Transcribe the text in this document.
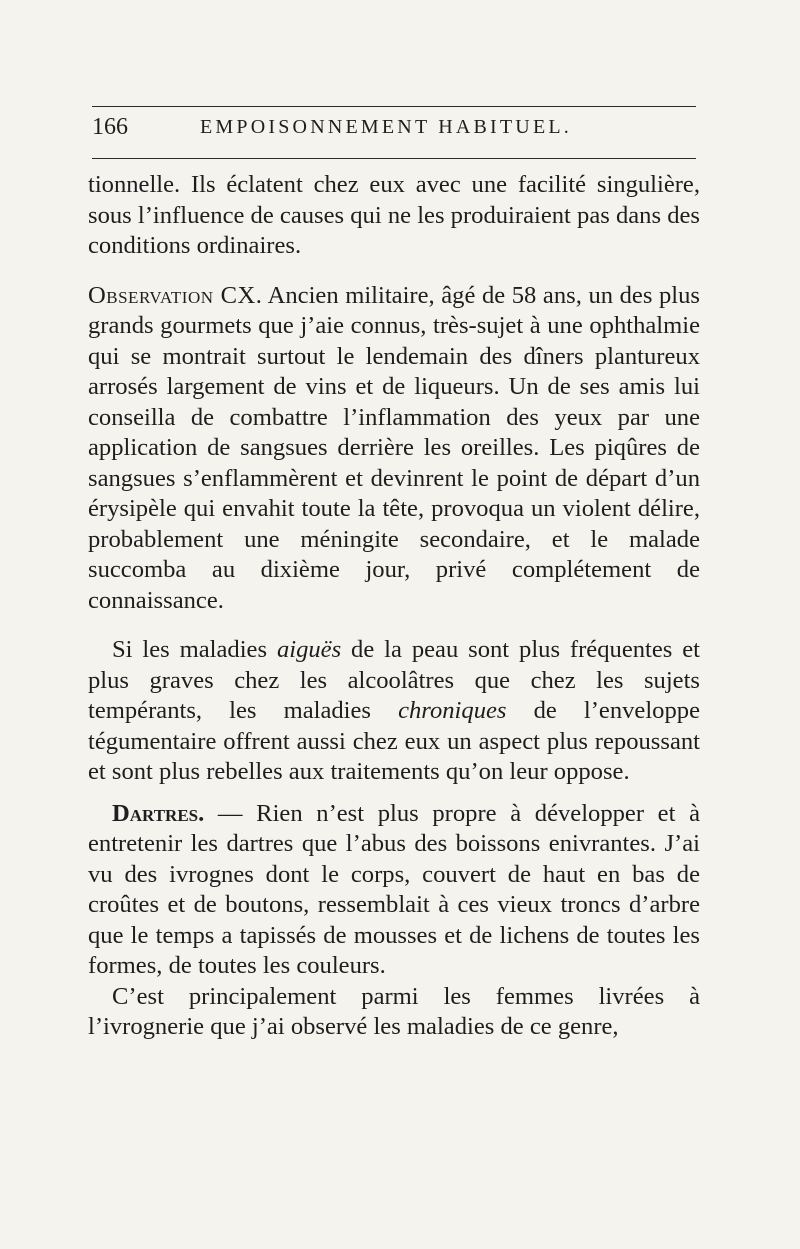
166	EMPOISONNEMENT HABITUEL.

tionnelle. Ils éclatent chez eux avec une facilité singulière, sous l’influence de causes qui ne les produiraient pas dans des conditions ordinaires.

Observation CX. Ancien militaire, âgé de 58 ans, un des plus grands gourmets que j’aie connus, très-sujet à une ophthalmie qui se montrait surtout le lendemain des dîners plantureux arrosés largement de vins et de liqueurs. Un de ses amis lui conseilla de combattre l’inflammation des yeux par une application de sangsues derrière les oreilles. Les piqûres de sangsues s’enflammèrent et devinrent le point de départ d’un érysipèle qui envahit toute la tête, provoqua un violent délire, probablement une méningite secondaire, et le malade succomba au dixième jour, privé complétement de connaissance.

Si les maladies aiguës de la peau sont plus fréquentes et plus graves chez les alcoolâtres que chez les sujets tempérants, les maladies chroniques de l’enveloppe tégumentaire offrent aussi chez eux un aspect plus repoussant et sont plus rebelles aux traitements qu’on leur oppose.

Dartres. — Rien n’est plus propre à développer et à entretenir les dartres que l’abus des boissons enivrantes. J’ai vu des ivrognes dont le corps, couvert de haut en bas de croûtes et de boutons, ressemblait à ces vieux troncs d’arbre que le temps a tapissés de mousses et de lichens de toutes les formes, de toutes les couleurs.

C’est principalement parmi les femmes livrées à l’ivrognerie que j’ai observé les maladies de ce genre,
